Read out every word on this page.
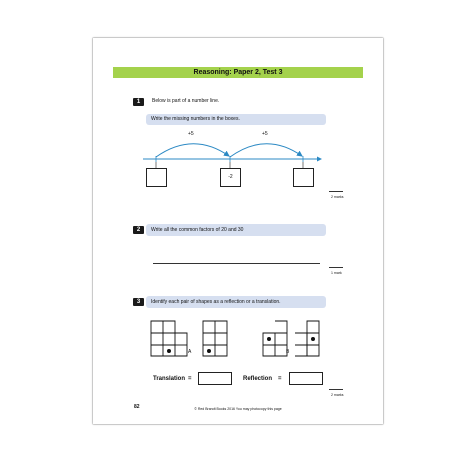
Reasoning: Paper 2, Test 3
1	Below is part of a number line.
Write the missing numbers in the boxes.
+5	+5
-2
2 marks
2	Write all the common factors of 20 and 30
1 mark
3	Identify each pair of shapes as a reflection or a translation.
A	B
Translation =	Reflection =
2 marks
82	© Red Brandt Books 2016 You may photocopy this page
